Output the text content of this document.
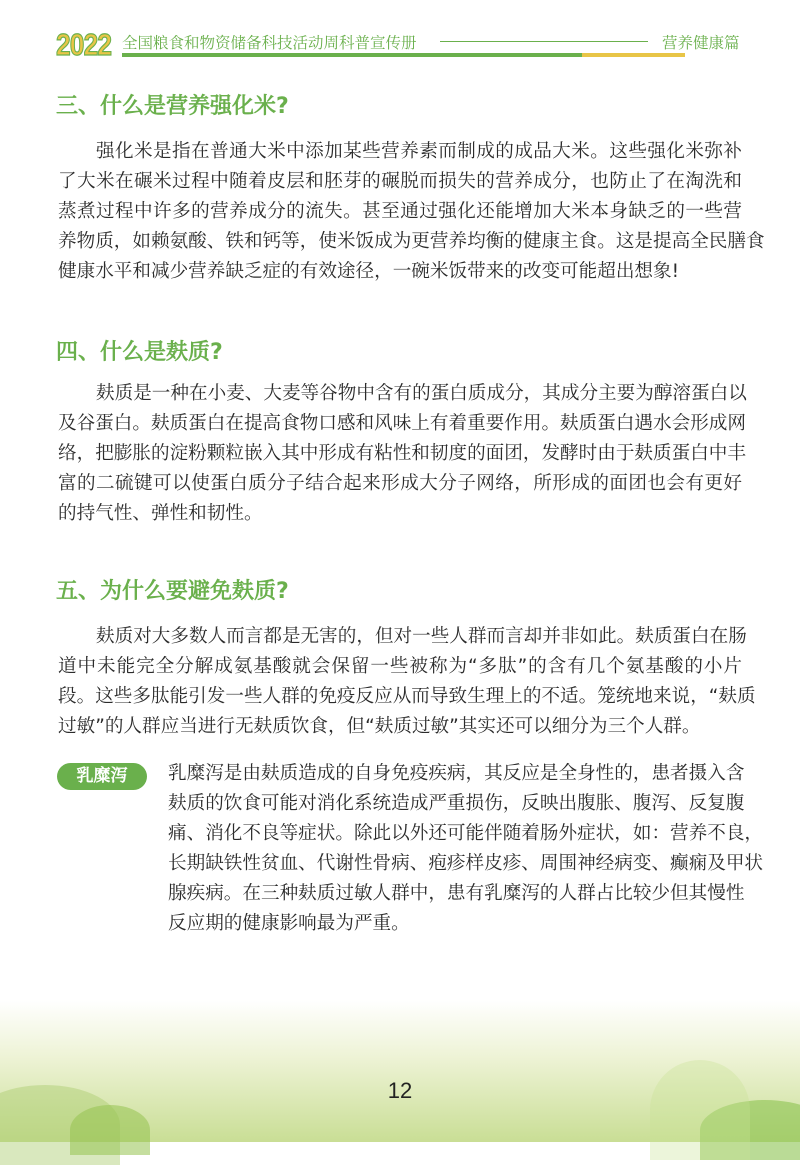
2022 全国粮食和物资储备科技活动周科普宣传册	营养健康篇
三、什么是营养强化米?
强化米是指在普通大米中添加某些营养素而制成的成品大米。这些强化米弥补
了大米在碾米过程中随着皮层和胚芽的碾脱而损失的营养成分，也防止了在淘洗和
蒸煮过程中许多的营养成分的流失。甚至通过强化还能增加大米本身缺乏的一些营
养物质，如赖氨酸、铁和钙等，使米饭成为更营养均衡的健康主食。这是提高全民膳食
健康水平和减少营养缺乏症的有效途径，一碗米饭带来的改变可能超出想象!
四、什么是麸质?
麸质是一种在小麦、大麦等谷物中含有的蛋白质成分，其成分主要为醇溶蛋白以
及谷蛋白。麸质蛋白在提高食物口感和风味上有着重要作用。麸质蛋白遇水会形成网
络，把膨胀的淀粉颗粒嵌入其中形成有粘性和韧度的面团，发酵时由于麸质蛋白中丰
富的二硫键可以使蛋白质分子结合起来形成大分子网络，所形成的面团也会有更好
的持气性、弹性和韧性。
五、为什么要避免麸质?
麸质对大多数人而言都是无害的，但对一些人群而言却并非如此。麸质蛋白在肠
道中未能完全分解成氨基酸就会保留一些被称为“多肽”的含有几个氨基酸的小片
段。这些多肽能引发一些人群的免疫反应从而导致生理上的不适。笼统地来说，“麸质
过敏”的人群应当进行无麸质饮食，但“麸质过敏”其实还可以细分为三个人群。
乳糜泻	乳糜泻是由麸质造成的自身免疫疾病，其反应是全身性的，患者摄入含
麸质的饮食可能对消化系统造成严重损伤，反映出腹胀、腹泻、反复腹
痛、消化不良等症状。除此以外还可能伴随着肠外症状，如：营养不良，
长期缺铁性贫血、代谢性骨病、疱疹样皮疹、周围神经病变、癫痫及甲状
腺疾病。在三种麸质过敏人群中，患有乳糜泻的人群占比较少但其慢性
反应期的健康影响最为严重。
12
